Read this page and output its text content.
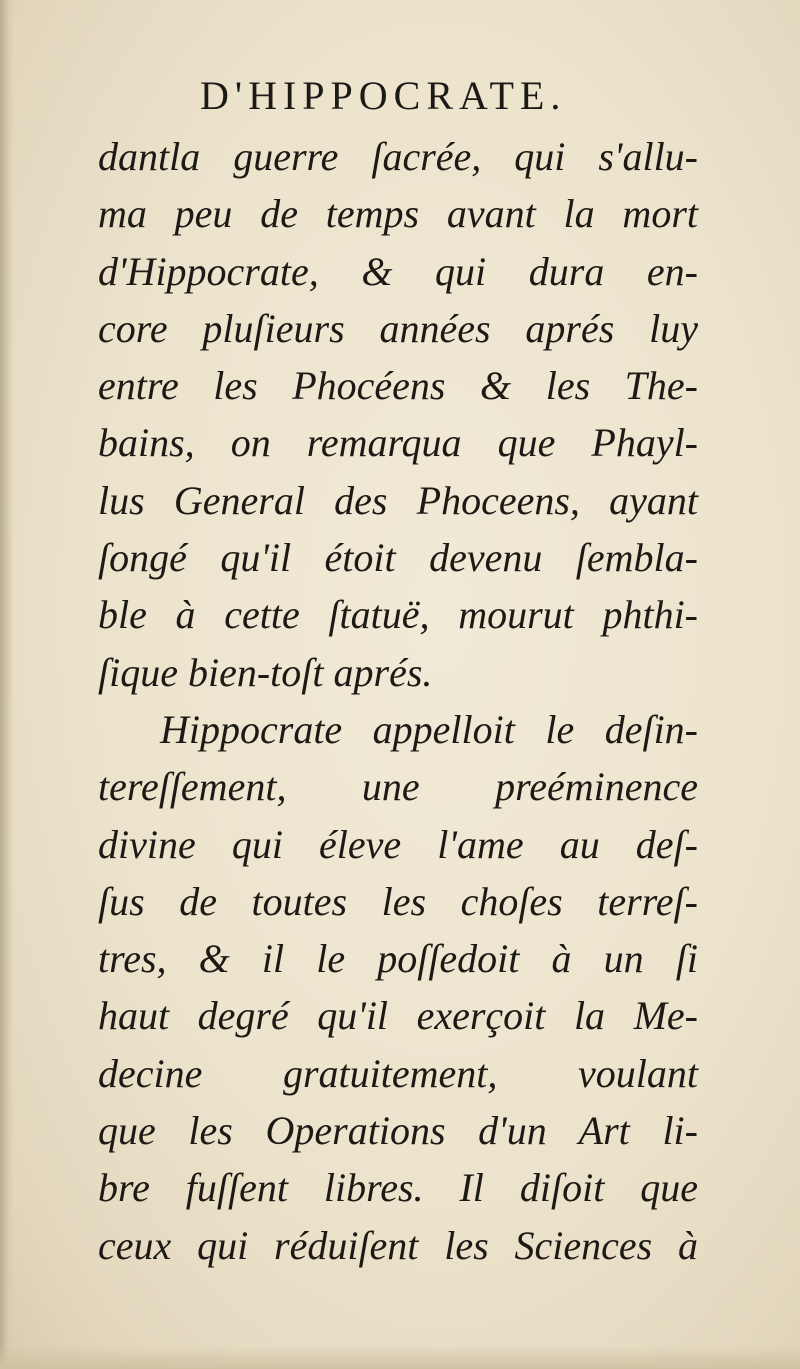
D'HIPPOCRATE.
dantla guerre ſacrée, qui s'allu-
ma peu de temps avant la mort
d'Hippocrate, & qui dura en-
core pluſieurs années aprés luy
entre les Phocéens & les The-
bains, on remarqua que Phayl-
lus General des Phoceens, ayant
ſongé qu'il étoit devenu ſembla-
ble à cette ſtatuë, mourut phthi-
ſique bien-toſt aprés.
Hippocrate appelloit le deſin-
tereſſement, une preéminence
divine qui éleve l'ame au deſ-
ſus de toutes les choſes terreſ-
tres, & il le poſſedoit à un ſi
haut degré qu'il exerçoit la Me-
decine gratuitement, voulant
que les Operations d'un Art li-
bre fuſſent libres. Il diſoit que
ceux qui réduiſent les Sciences à
